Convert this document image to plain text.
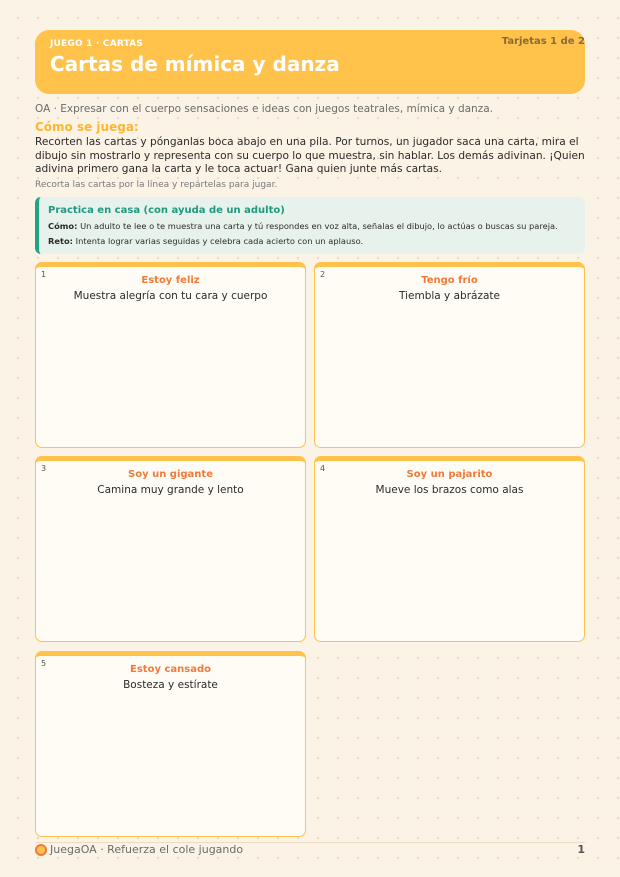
JUEGO 1 · CARTAS
Cartas de mímica y danza
Tarjetas 1 de 2
OA · Expresar con el cuerpo sensaciones e ideas con juegos teatrales, mímica y danza.
Cómo se juega:
Recorten las cartas y pónganlas boca abajo en una pila. Por turnos, un jugador saca una carta, mira el dibujo sin mostrarlo y representa con su cuerpo lo que muestra, sin hablar. Los demás adivinan. ¡Quien adivina primero gana la carta y le toca actuar! Gana quien junte más cartas.
Recorta las cartas por la línea y repártelas para jugar.
Practica en casa (con ayuda de un adulto)
Cómo: Un adulto te lee o te muestra una carta y tú respondes en voz alta, señalas el dibujo, lo actúas o buscas su pareja.
Reto: Intenta lograr varias seguidas y celebra cada acierto con un aplauso.
1
Estoy feliz
Muestra alegría con tu cara y cuerpo
2
Tengo frío
Tiembla y abrázate
3
Soy un gigante
Camina muy grande y lento
4
Soy un pajarito
Mueve los brazos como alas
5
Estoy cansado
Bosteza y estírate
JuegaOA · Refuerza el cole jugando	1
